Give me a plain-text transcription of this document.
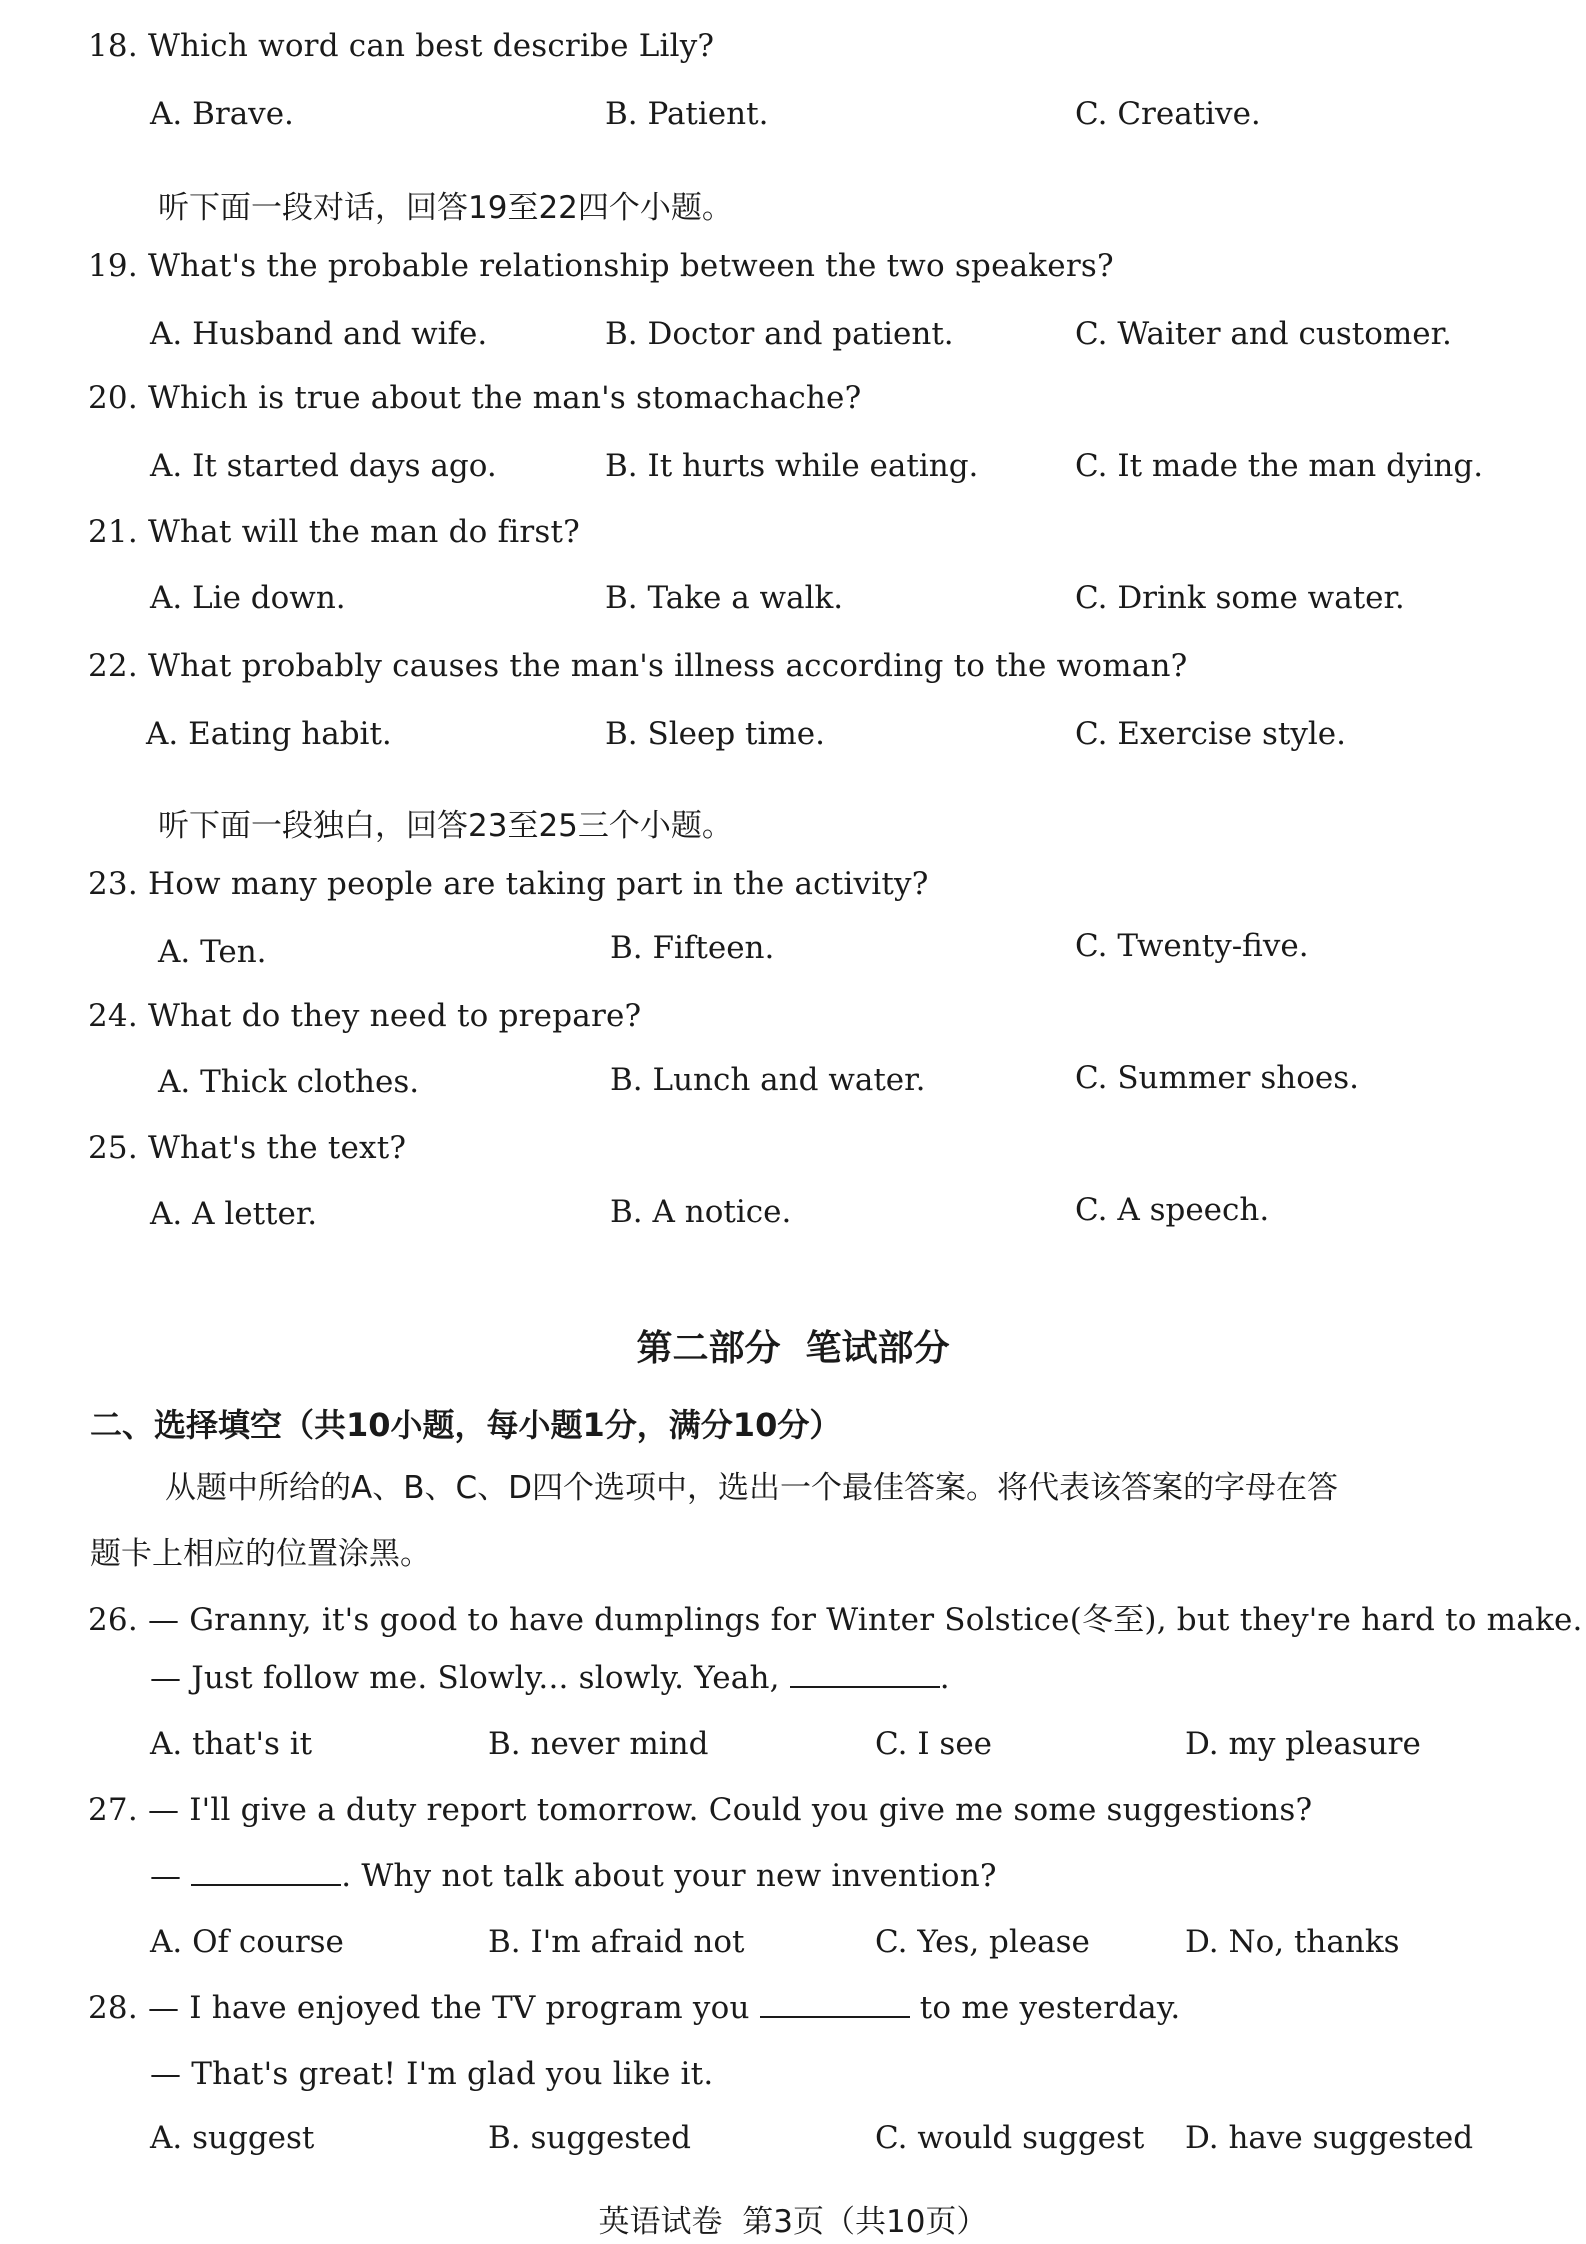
18. Which word can best describe Lily?
A. Brave.	B. Patient.	C. Creative.
听下面一段对话，回答19至22四个小题。
19. What's the probable relationship between the two speakers?
A. Husband and wife.	B. Doctor and patient.	C. Waiter and customer.
20. Which is true about the man's stomachache?
A. It started days ago.	B. It hurts while eating.	C. It made the man dying.
21. What will the man do first?
A. Lie down.	B. Take a walk.	C. Drink some water.
22. What probably causes the man's illness according to the woman?
A. Eating habit.	B. Sleep time.	C. Exercise style.
听下面一段独白，回答23至25三个小题。
23. How many people are taking part in the activity?
A. Ten.	B. Fifteen.	C. Twenty-five.
24. What do they need to prepare?
A. Thick clothes.	B. Lunch and water.	C. Summer shoes.
25. What's the text?
A. A letter.	B. A notice.	C. A speech.
第二部分  笔试部分
二、选择填空（共10小题，每小题1分，满分10分）
从题中所给的A、B、C、D四个选项中，选出一个最佳答案。将代表该答案的字母在答
题卡上相应的位置涂黑。
26. — Granny, it's good to have dumplings for Winter Solstice(冬至), but they're hard to make.
— Just follow me. Slowly... slowly. Yeah,	.
A. that's it	B. never mind	C. I see	D. my pleasure
27. — I'll give a duty report tomorrow. Could you give me some suggestions?
—	. Why not talk about your new invention?
A. Of course	B. I'm afraid not	C. Yes, please	D. No, thanks
28. — I have enjoyed the TV program you	to me yesterday.
— That's great! I'm glad you like it.
A. suggest	B. suggested	C. would suggest D. have suggested
英语试卷  第3页（共10页）
